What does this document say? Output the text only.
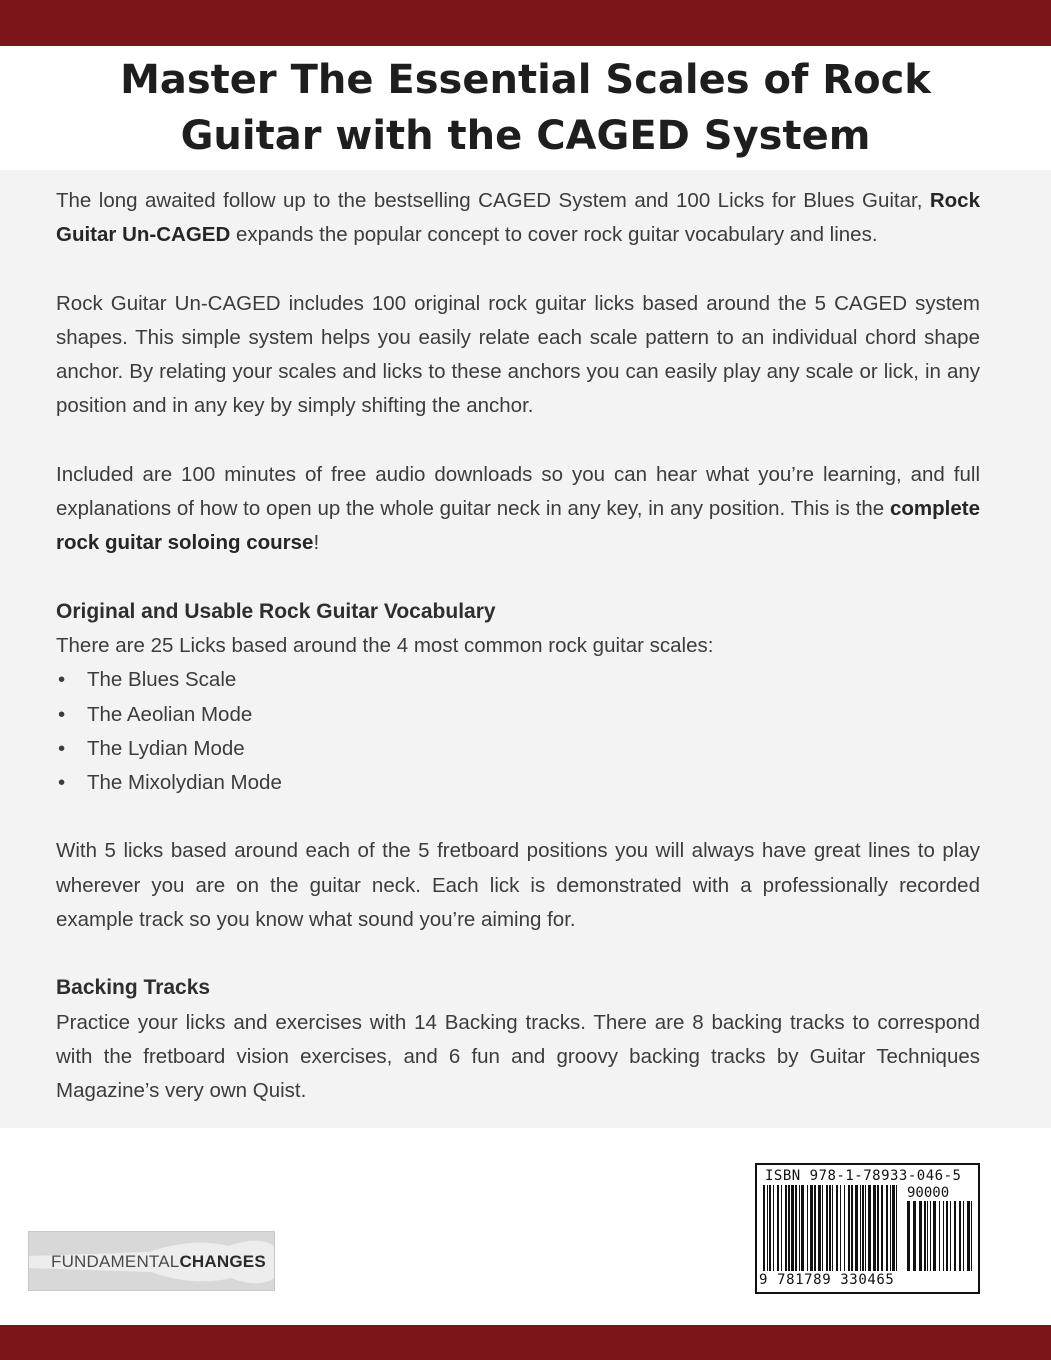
Master The Essential Scales of Rock
Guitar with the CAGED System

The long awaited follow up to the bestselling CAGED System and 100 Licks for Blues Guitar, Rock Guitar Un-CAGED expands the popular concept to cover rock guitar vocabulary and lines.

Rock Guitar Un-CAGED includes 100 original rock guitar licks based around the 5 CAGED system shapes. This simple system helps you easily relate each scale pattern to an individual chord shape anchor. By relating your scales and licks to these anchors you can easily play any scale or lick, in any position and in any key by simply shifting the anchor.

Included are 100 minutes of free audio downloads so you can hear what you’re learning, and full explanations of how to open up the whole guitar neck in any key, in any position. This is the complete rock guitar soloing course!

Original and Usable Rock Guitar Vocabulary

There are 25 Licks based around the 4 most common rock guitar scales:

• The Blues Scale
• The Aeolian Mode
• The Lydian Mode
• The Mixolydian Mode

With 5 licks based around each of the 5 fretboard positions you will always have great lines to play wherever you are on the guitar neck. Each lick is demonstrated with a professionally recorded example track so you know what sound you’re aiming for.

Backing Tracks

Practice your licks and exercises with 14 Backing tracks. There are 8 backing tracks to correspond with the fretboard vision exercises, and 6 fun and groovy backing tracks by Guitar Techniques Magazine’s very own Quist.

FUNDAMENTALCHANGES
ISBN 978-1-78933-046-5
90000
9 781789 330465
